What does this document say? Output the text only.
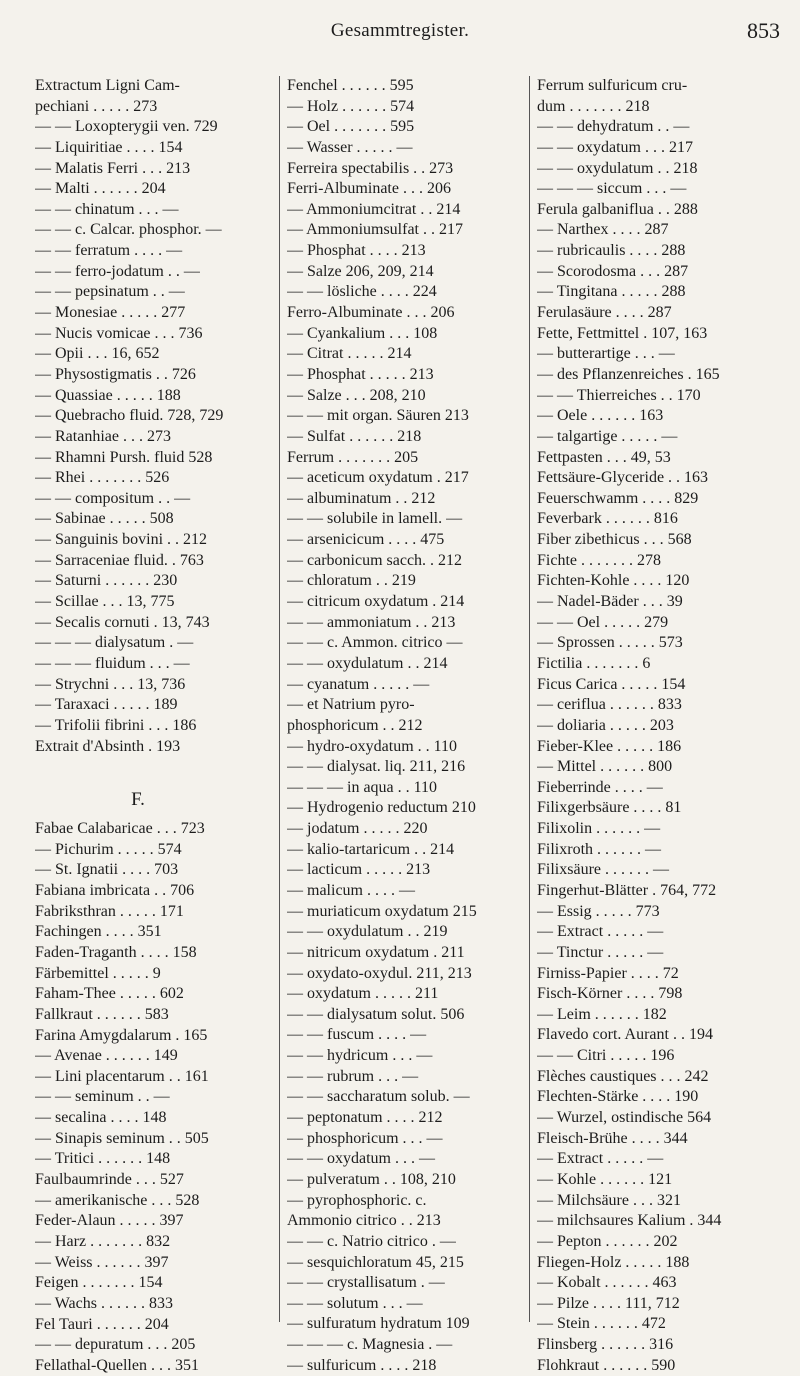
Gesammtregister.	853
Extractum Ligni Cam-
pechiani . . . . . 273
— — Loxopterygii ven. 729
— Liquiritiae . . . . 154
— Malatis Ferri . . . 213
— Malti . . . . . . 204
— — chinatum . . . —
— — c. Calcar. phosphor. —
— — ferratum . . . . —
— — ferro-jodatum . . —
— — pepsinatum . . —
— Monesiae . . . . . 277
— Nucis vomicae . . . 736
— Opii . . . 16, 652
— Physostigmatis . . 726
— Quassiae . . . . . 188
— Quebracho fluid. 728, 729
— Ratanhiae . . . 273
— Rhamni Pursh. fluid 528
— Rhei . . . . . . . 526
— — compositum . . —
— Sabinae . . . . . 508
— Sanguinis bovini . . 212
— Sarraceniae fluid. . 763
— Saturni . . . . . . 230
— Scillae . . . 13, 775
— Secalis cornuti . 13, 743
— — — dialysatum . —
— — — fluidum . . . —
— Strychni . . . 13, 736
— Taraxaci . . . . . 189
— Trifolii fibrini . . . 186
Extrait d'Absinth . 193
F.
Fabae Calabaricae . . . 723
— Pichurim . . . . . 574
— St. Ignatii . . . . 703
Fabiana imbricata . . 706
Fabriksthran . . . . . 171
Fachingen . . . . 351
Faden-Traganth . . . . 158
Färbemittel . . . . . 9
Faham-Thee . . . . . 602
Fallkraut . . . . . . 583
Farina Amygdalarum . 165
— Avenae . . . . . . 149
— Lini placentarum . . 161
— — seminum . . —
— secalina . . . . 148
— Sinapis seminum . . 505
— Tritici . . . . . . 148
Faulbaumrinde . . . 527
— amerikanische . . . 528
Feder-Alaun . . . . . 397
— Harz . . . . . . . 832
— Weiss . . . . . . 397
Feigen . . . . . . . 154
— Wachs . . . . . . 833
Fel Tauri . . . . . . 204
— — depuratum . . . 205
Fellathal-Quellen . . . 351
Fenchel . . . . . . 595
— Holz . . . . . . 574
— Oel . . . . . . . 595
— Wasser . . . . . —
Ferreira spectabilis . . 273
Ferri-Albuminate . . . 206
— Ammoniumcitrat . . 214
— Ammoniumsulfat . . 217
— Phosphat . . . . 213
— Salze 206, 209, 214
— — lösliche . . . . 224
Ferro-Albuminate . . . 206
— Cyankalium . . . 108
— Citrat . . . . . 214
— Phosphat . . . . . 213
— Salze . . . 208, 210
— — mit organ. Säuren 213
— Sulfat . . . . . . 218
Ferrum . . . . . . . 205
— aceticum oxydatum . 217
— albuminatum . . 212
— — solubile in lamell. —
— arsenicicum . . . . 475
— carbonicum sacch. . 212
— chloratum . . 219
— citricum oxydatum . 214
— — ammoniatum . . 213
— — c. Ammon. citrico —
— — oxydulatum . . 214
— cyanatum . . . . . —
— et Natrium pyro-
phosphoricum . . 212
— hydro-oxydatum . . 110
— — dialysat. liq. 211, 216
— — — in aqua . . 110
— Hydrogenio reductum 210
— jodatum . . . . . 220
— kalio-tartaricum . . 214
— lacticum . . . . . 213
— malicum . . . . —
— muriaticum oxydatum 215
— — oxydulatum . . 219
— nitricum oxydatum . 211
— oxydato-oxydul. 211, 213
— oxydatum . . . . . 211
— — dialysatum solut. 506
— — fuscum . . . . —
— — hydricum . . . —
— — rubrum . . . —
— — saccharatum solub. —
— peptonatum . . . . 212
— phosphoricum . . . —
— — oxydatum . . . —
— pulveratum . . 108, 210
— pyrophosphoric. c.
Ammonio citrico . . 213
— — c. Natrio citrico . —
— sesquichloratum 45, 215
— — crystallisatum . —
— — solutum . . . —
— sulfuratum hydratum 109
— — — c. Magnesia . —
— sulfuricum . . . . 218
Ferrum sulfuricum cru-
dum . . . . . . . 218
— — dehydratum . . —
— — oxydatum . . . 217
— — oxydulatum . . 218
— — — siccum . . . —
Ferula galbaniflua . . 288
— Narthex . . . . 287
— rubricaulis . . . . 288
— Scorodosma . . . 287
— Tingitana . . . . . 288
Ferulasäure . . . . 287
Fette, Fettmittel . 107, 163
— butterartige . . . —
— des Pflanzenreiches . 165
— — Thierreiches . . 170
— Oele . . . . . . 163
— talgartige . . . . . —
Fettpasten . . . 49, 53
Fettsäure-Glyceride . . 163
Feuerschwamm . . . . 829
Feverbark . . . . . . 816
Fiber zibethicus . . . 568
Fichte . . . . . . . 278
Fichten-Kohle . . . . 120
— Nadel-Bäder . . . 39
— — Oel . . . . . 279
— Sprossen . . . . . 573
Fictilia . . . . . . . 6
Ficus Carica . . . . . 154
— ceriflua . . . . . . 833
— doliaria . . . . . 203
Fieber-Klee . . . . . 186
— Mittel . . . . . . 800
Fieberrinde . . . . —
Filixgerbsäure . . . . 81
Filixolin . . . . . . —
Filixroth . . . . . . —
Filixsäure . . . . . . —
Fingerhut-Blätter . 764, 772
— Essig . . . . . 773
— Extract . . . . . —
— Tinctur . . . . . —
Firniss-Papier . . . . 72
Fisch-Körner . . . . 798
— Leim . . . . . . 182
Flavedo cort. Aurant . . 194
— — Citri . . . . . 196
Flèches caustiques . . . 242
Flechten-Stärke . . . . 190
— Wurzel, ostindische 564
Fleisch-Brühe . . . . 344
— Extract . . . . . —
— Kohle . . . . . . 121
— Milchsäure . . . 321
— milchsaures Kalium . 344
— Pepton . . . . . . 202
Fliegen-Holz . . . . . 188
— Kobalt . . . . . . 463
— Pilze . . . . 111, 712
— Stein . . . . . . 472
Flinsberg . . . . . . 316
Flohkraut . . . . . . 590
